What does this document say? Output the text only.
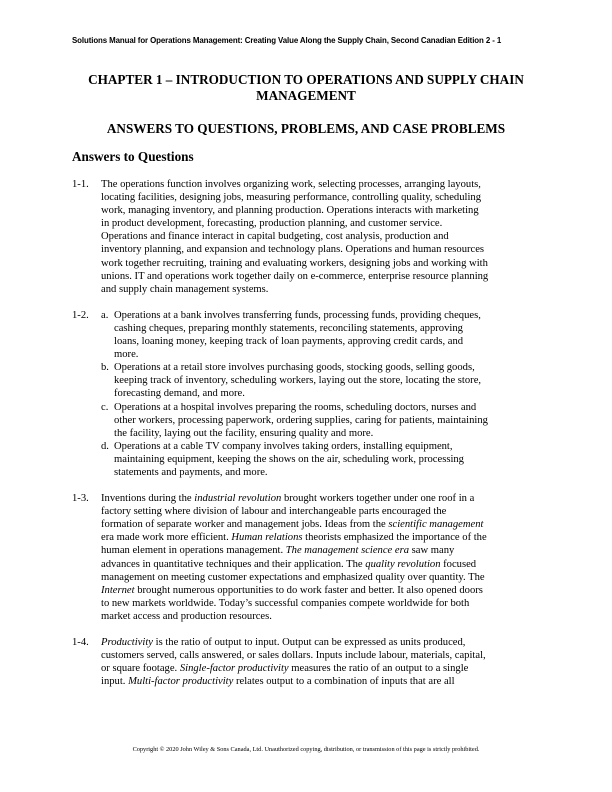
Solutions Manual for Operations Management: Creating Value Along the Supply Chain, Second Canadian Edition 2 - 1
CHAPTER 1 – INTRODUCTION TO OPERATIONS AND SUPPLY CHAIN
MANAGEMENT
ANSWERS TO QUESTIONS, PROBLEMS, AND CASE PROBLEMS
Answers to Questions
1-1. The operations function involves organizing work, selecting processes, arranging layouts,
locating facilities, designing jobs, measuring performance, controlling quality, scheduling
work, managing inventory, and planning production. Operations interacts with marketing
in product development, forecasting, production planning, and customer service.
Operations and finance interact in capital budgeting, cost analysis, production and
inventory planning, and expansion and technology plans. Operations and human resources
work together recruiting, training and evaluating workers, designing jobs and working with
unions. IT and operations work together daily on e-commerce, enterprise resource planning
and supply chain management systems.
1-2. a. Operations at a bank involves transferring funds, processing funds, providing cheques,
cashing cheques, preparing monthly statements, reconciling statements, approving
loans, loaning money, keeping track of loan payments, approving credit cards, and
more.
b. Operations at a retail store involves purchasing goods, stocking goods, selling goods,
keeping track of inventory, scheduling workers, laying out the store, locating the store,
forecasting demand, and more.
c. Operations at a hospital involves preparing the rooms, scheduling doctors, nurses and
other workers, processing paperwork, ordering supplies, caring for patients, maintaining
the facility, laying out the facility, ensuring quality and more.
d. Operations at a cable TV company involves taking orders, installing equipment,
maintaining equipment, keeping the shows on the air, scheduling work, processing
statements and payments, and more.
1-3. Inventions during the industrial revolution brought workers together under one roof in a
factory setting where division of labour and interchangeable parts encouraged the
formation of separate worker and management jobs. Ideas from the scientific management
era made work more efficient. Human relations theorists emphasized the importance of the
human element in operations management. The management science era saw many
advances in quantitative techniques and their application. The quality revolution focused
management on meeting customer expectations and emphasized quality over quantity. The
Internet brought numerous opportunities to do work faster and better. It also opened doors
to new markets worldwide. Today’s successful companies compete worldwide for both
market access and production resources.
1-4. Productivity is the ratio of output to input. Output can be expressed as units produced,
customers served, calls answered, or sales dollars. Inputs include labour, materials, capital,
or square footage. Single-factor productivity measures the ratio of an output to a single
input. Multi-factor productivity relates output to a combination of inputs that are all
Copyright © 2020 John Wiley & Sons Canada, Ltd. Unauthorized copying, distribution, or transmission of this page is strictly prohibited.
